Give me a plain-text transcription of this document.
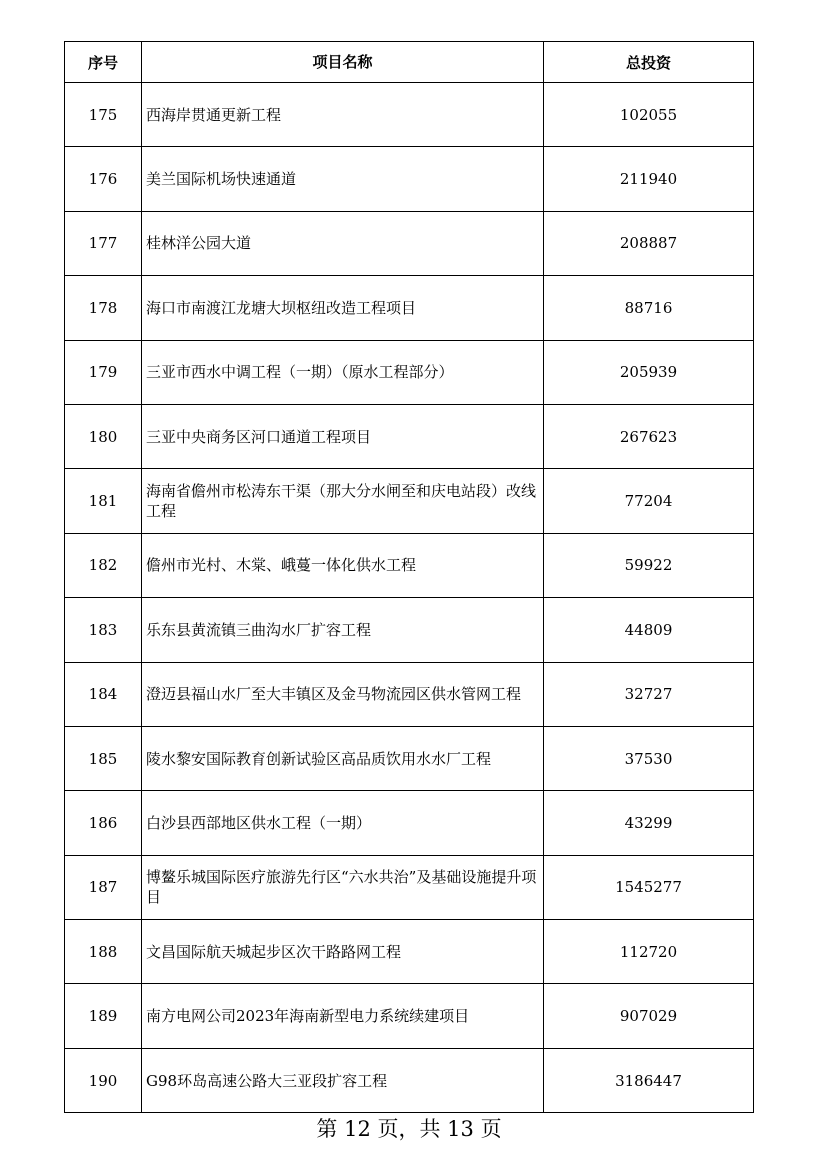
序号	项目名称	总投资
175	西海岸贯通更新工程	102055
176	美兰国际机场快速通道	211940
177	桂林洋公园大道	208887
178	海口市南渡江龙塘大坝枢纽改造工程项目	88716
179	三亚市西水中调工程（一期）（原水工程部分）	205939
180	三亚中央商务区河口通道工程项目	267623
181	海南省儋州市松涛东干渠（那大分水闸至和庆电站段）改线工程	77204
182	儋州市光村、木棠、峨蔓一体化供水工程	59922
183	乐东县黄流镇三曲沟水厂扩容工程	44809
184	澄迈县福山水厂至大丰镇区及金马物流园区供水管网工程	32727
185	陵水黎安国际教育创新试验区高品质饮用水水厂工程	37530
186	白沙县西部地区供水工程（一期）	43299
187	博鳌乐城国际医疗旅游先行区“六水共治”及基础设施提升项目	1545277
188	文昌国际航天城起步区次干路路网工程	112720
189	南方电网公司2023年海南新型电力系统续建项目	907029
190	G98环岛高速公路大三亚段扩容工程	3186447
第 12 页，共 13 页
